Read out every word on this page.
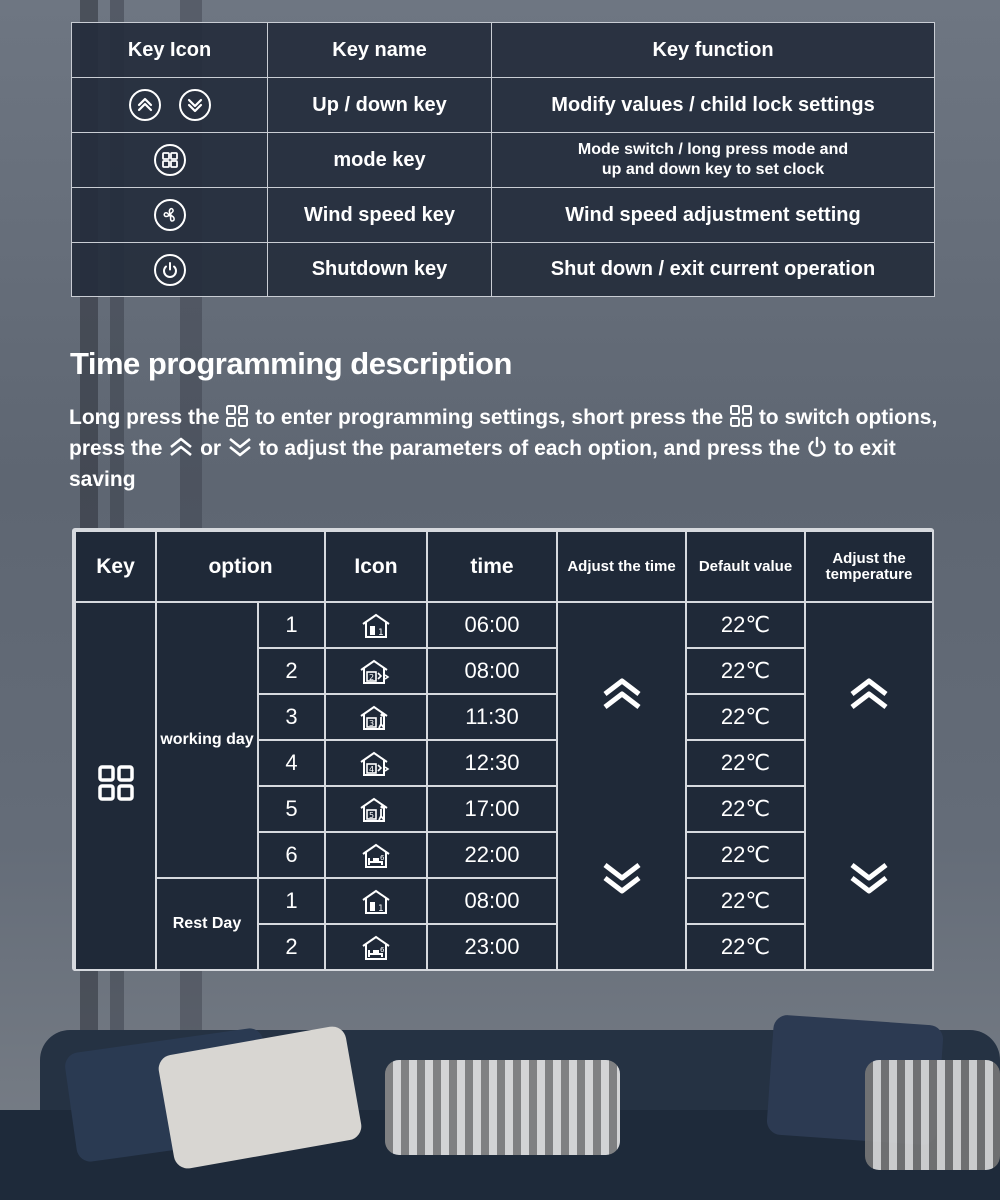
Key Icon	Key name	Key function

	Up / down key	Modify values / child lock settings

	mode key	Mode switch / long press mode and
up and down key to set clock

	Wind speed key	Wind speed adjustment setting

	Shutdown key	Shut down / exit current operation
Time programming description
Long press the  to enter programming settings, short press the  to switch options, press the  or  to adjust the parameters of each option, and press the  to exit saving
Key	option		Icon	time	Adjust the time	Default value	Adjust the
temperature

	working day	1	1	06:00		22℃	

		2	2	08:00		22℃	
		3	3	11:30		22℃	
		4	4	12:30		22℃	
		5	5	17:00		22℃	
		6	6	22:00		22℃	
	Rest Day	1	1	08:00		22℃	
		2	6	23:00		22℃	
